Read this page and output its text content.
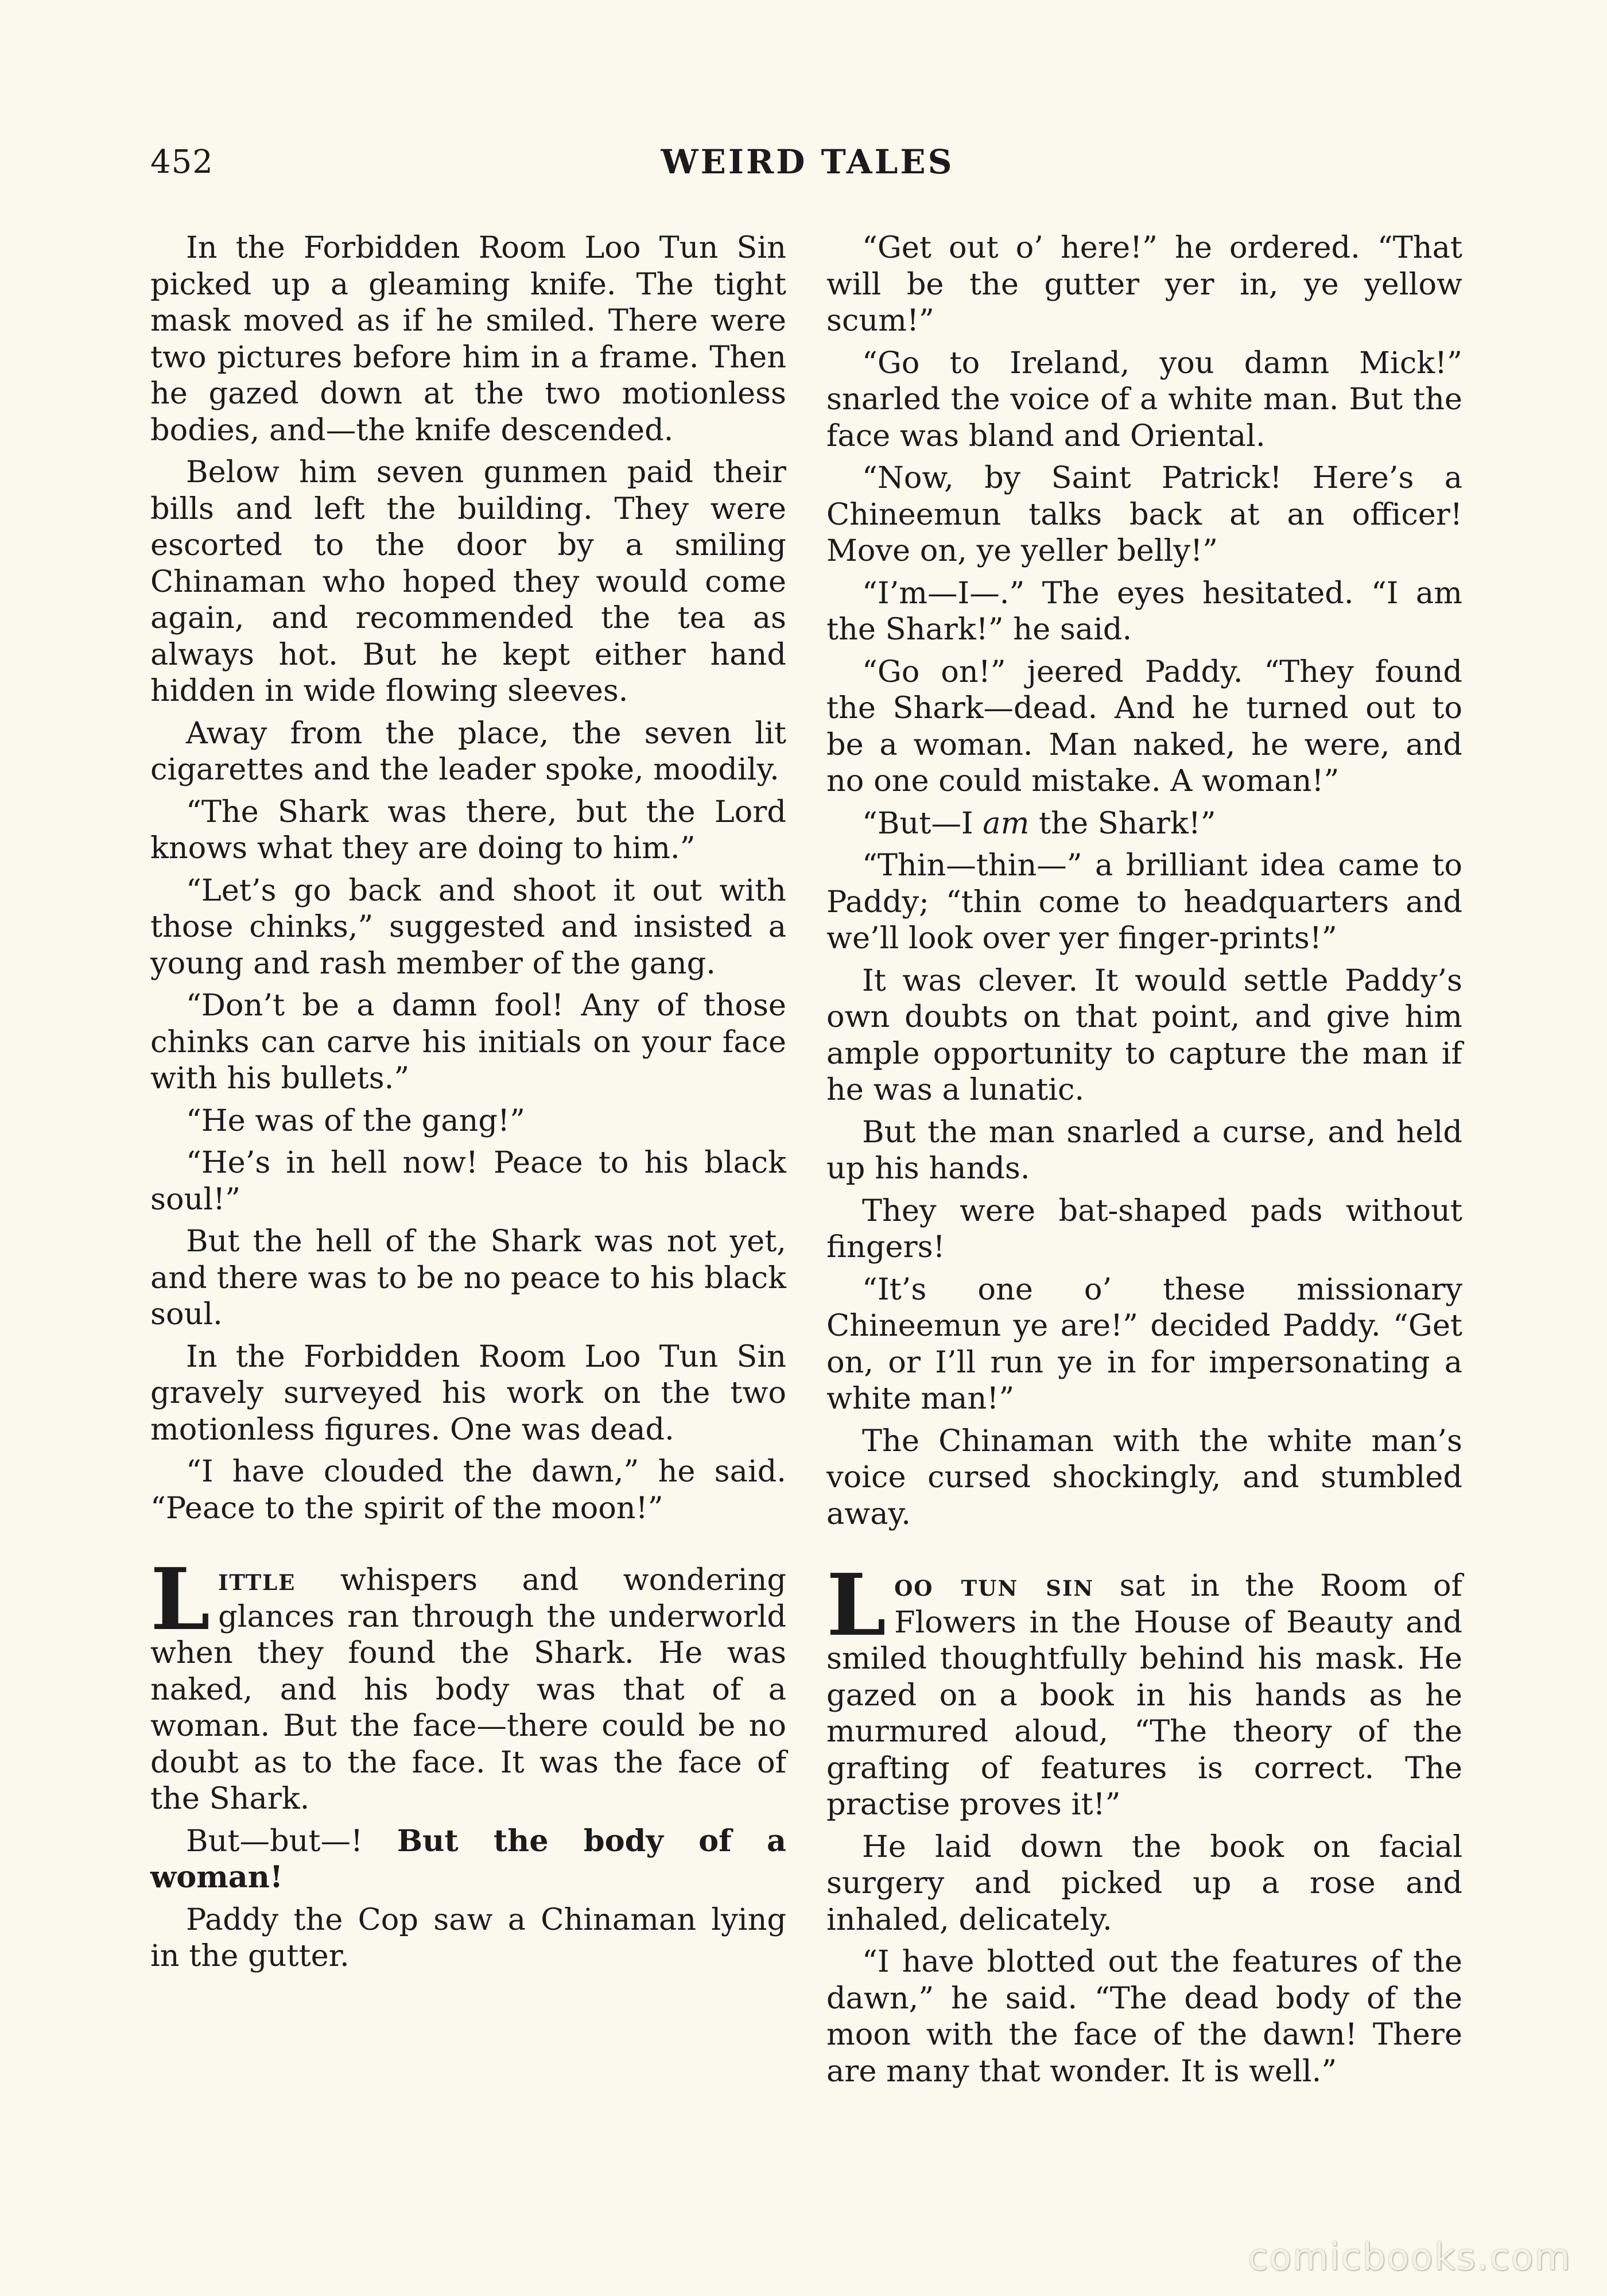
452	WEIRD TALES

In the Forbidden Room Loo Tun Sin picked up a gleaming knife. The tight mask moved as if he smiled. There were two pictures before him in a frame. Then he gazed down at the two motionless bodies, and—the knife descended.

Below him seven gunmen paid their bills and left the building. They were escorted to the door by a smiling Chinaman who hoped they would come again, and recommended the tea as always hot. But he kept either hand hidden in wide flowing sleeves.

Away from the place, the seven lit cigarettes and the leader spoke, moodily.

“The Shark was there, but the Lord knows what they are doing to him.”

“Let’s go back and shoot it out with those chinks,” suggested and insisted a young and rash member of the gang.

“Don’t be a damn fool! Any of those chinks can carve his initials on your face with his bullets.”

“He was of the gang!”

“He’s in hell now! Peace to his black soul!”

But the hell of the Shark was not yet, and there was to be no peace to his black soul.

In the Forbidden Room Loo Tun Sin gravely surveyed his work on the two motionless figures. One was dead.

“I have clouded the dawn,” he said. “Peace to the spirit of the moon!”

Little whispers and wondering glances ran through the underworld when they found the Shark. He was naked, and his body was that of a woman. But the face—there could be no doubt as to the face. It was the face of the Shark.

But—but—! But the body of a woman!

Paddy the Cop saw a Chinaman lying in the gutter.

“Get out o’ here!” he ordered. “That will be the gutter yer in, ye yellow scum!”

“Go to Ireland, you damn Mick!” snarled the voice of a white man. But the face was bland and Oriental.

“Now, by Saint Patrick! Here’s a Chineemun talks back at an officer! Move on, ye yeller belly!”

“I’m—I—.” The eyes hesitated. “I am the Shark!” he said.

“Go on!” jeered Paddy. “They found the Shark—dead. And he turned out to be a woman. Man naked, he were, and no one could mistake. A woman!”

“But—I am the Shark!”

“Thin—thin—” a brilliant idea came to Paddy; “thin come to headquarters and we’ll look over yer finger-prints!”

It was clever. It would settle Paddy’s own doubts on that point, and give him ample opportunity to capture the man if he was a lunatic.

But the man snarled a curse, and held up his hands.

They were bat-shaped pads without fingers!

“It’s one o’ these missionary Chineemun ye are!” decided Paddy. “Get on, or I’ll run ye in for impersonating a white man!”

The Chinaman with the white man’s voice cursed shockingly, and stumbled away.

Loo tun sin sat in the Room of Flowers in the House of Beauty and smiled thoughtfully behind his mask. He gazed on a book in his hands as he murmured aloud, “The theory of the grafting of features is correct. The practise proves it!”

He laid down the book on facial surgery and picked up a rose and inhaled, delicately.

“I have blotted out the features of the dawn,” he said. “The dead body of the moon with the face of the dawn! There are many that wonder. It is well.”

comicbooks.com
